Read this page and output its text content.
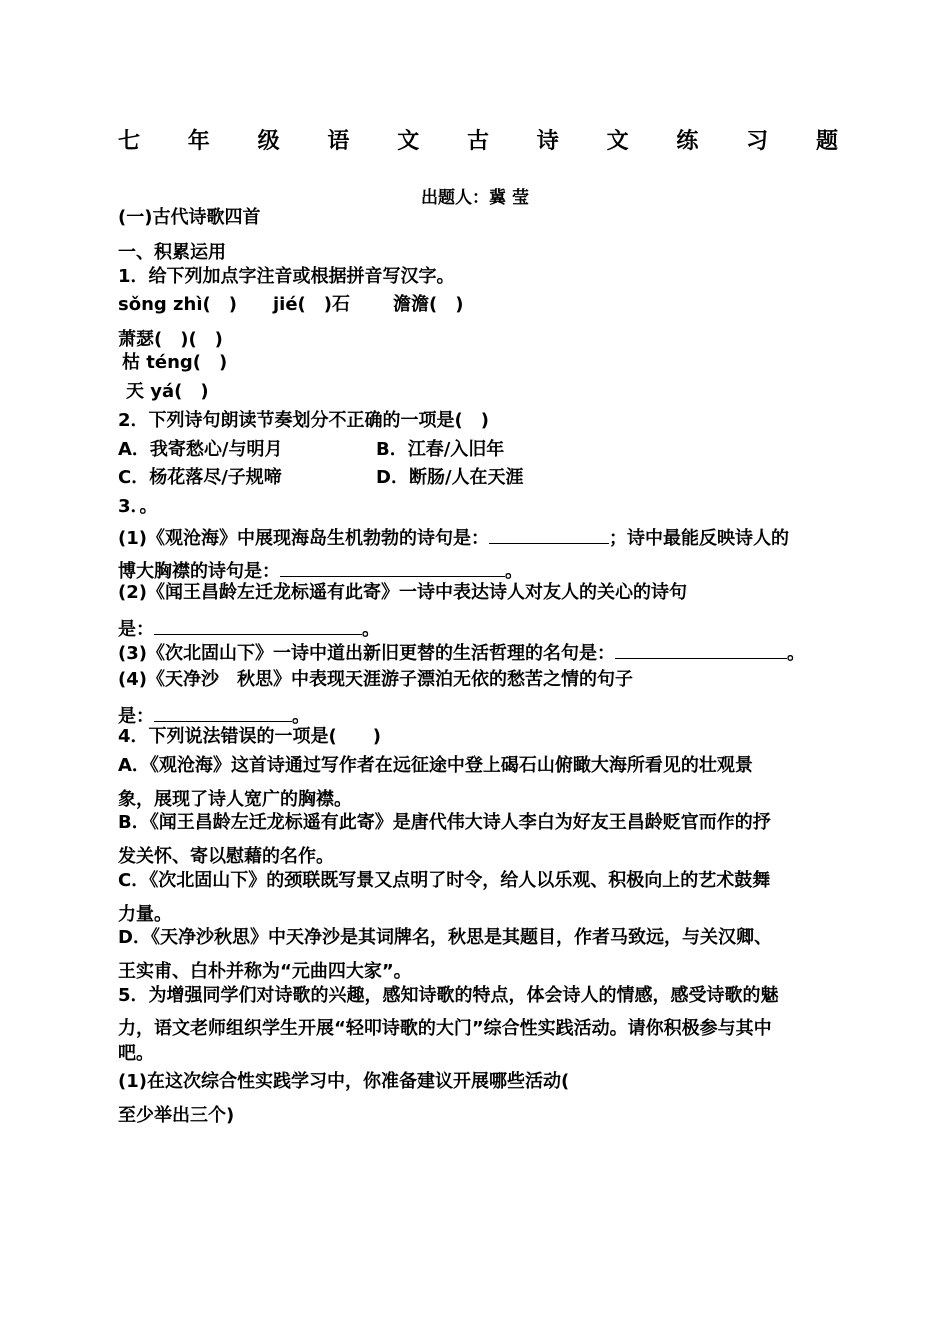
七 年 级 语 文 古 诗 文 练 习 题
出题人：冀 莹
(一)古代诗歌四首
一、积累运用
1．给下列加点字注音或根据拼音写汉字。
sǒng zhì(　) jié(　)石 澹澹(　)
萧瑟(　)(　)
枯 téng(　)
天 yá(　)
2．下列诗句朗读节奏划分不正确的一项是(　)
A．我寄愁心/与明月	B．江春/入旧年
C．杨花落尽/子规啼	D．断肠/人在天涯
3．。
(1)《观沧海》中展现海岛生机勃勃的诗句是：	；诗中最能反映诗人的
博大胸襟的诗句是：	。
(2)《闻王昌龄左迁龙标遥有此寄》一诗中表达诗人对友人的关心的诗句
是：	。
(3)《次北固山下》一诗中道出新旧更替的生活哲理的名句是：	。
(4)《天净沙　秋思》中表现天涯游子漂泊无依的愁苦之情的句子
是：	。
4．下列说法错误的一项是(　　)
A．《观沧海》这首诗通过写作者在远征途中登上碣石山俯瞰大海所看见的壮观景
象，展现了诗人宽广的胸襟。
B．《闻王昌龄左迁龙标遥有此寄》是唐代伟大诗人李白为好友王昌龄贬官而作的抒
发关怀、寄以慰藉的名作。
C．《次北固山下》的颈联既写景又点明了时令，给人以乐观、积极向上的艺术鼓舞
力量。
D．《天净沙秋思》中天净沙是其词牌名，秋思是其题目，作者马致远，与关汉卿、
王实甫、白朴并称为“元曲四大家”。
5．为增强同学们对诗歌的兴趣，感知诗歌的特点，体会诗人的情感，感受诗歌的魅
力，语文老师组织学生开展“轻叩诗歌的大门”综合性实践活动。请你积极参与其中
吧。
(1)在这次综合性实践学习中，你准备建议开展哪些活动(
至少举出三个)
